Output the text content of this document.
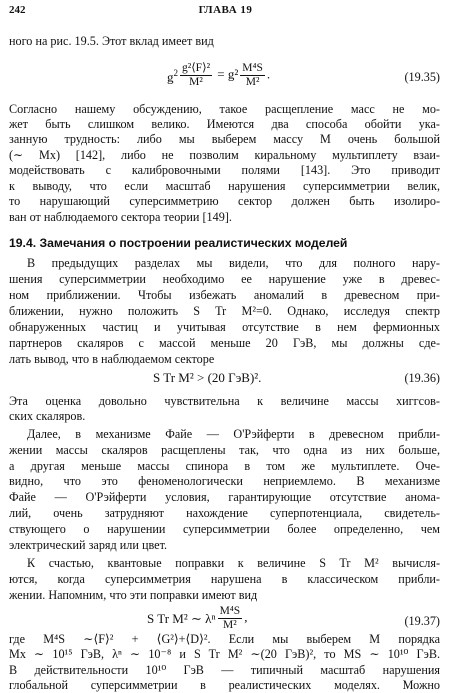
242	ГЛАВА 19
ного на рис. 19.5. Этот вклад имеет вид
$g^2 \frac{\text{g²⟨F⟩²}}{\text{M²}} = g^2 \frac{\text{M⁴S}}{\text{M²}}$ .	(19.35)
Согласно нашему обсуждению, такое расщепление масс не мо-
жет быть слишком велико. Имеются два способа обойти ука-
занную трудность: либо мы выберем массу M очень большой
(∼ Mx) [142], либо не позволим киральному мультиплету взаи-
модействовать с калибровочными полями [143]. Это приводит
к выводу, что если масштаб нарушения суперсимметрии велик,
то нарушающий суперсимметрию сектор должен быть изолиро-
ван от наблюдаемого сектора теории [149].
19.4. Замечания о построении реалистических моделей
В предыдущих разделах мы видели, что для полного нару-
шения суперсимметрии необходимо ее нарушение уже в древес-
ном приближении. Чтобы избежать аномалий в древесном при-
ближении, нужно положить S Tr M²=0. Однако, исследуя спектр
обнаруженных частиц и учитывая отсутствие в нем фермионных
партнеров скаляров с массой меньше 20 ГэВ, мы должны сде-
лать вывод, что в наблюдаемом секторе
S Tr M² > (20 ГэВ)².	(19.36)
Эта оценка довольно чувствительна к величине массы хиггсов-
ских скаляров.
Далее, в механизме Файе — О'Рэйферти в древесном прибли-
жении массы скаляров расщеплены так, что одна из них больше,
а другая меньше массы спинора в том же мультиплете. Оче-
видно, что это феноменологически неприемлемо. В механизме
Файе — О'Рэйферти условия, гарантирующие отсутствие анома-
лий, очень затрудняют нахождение суперпотенциала, свидетель-
ствующего о нарушении суперсимметрии более определенно, чем
электрический заряд или цвет.
К счастью, квантовые поправки к величине S Tr M² вычисля-
ются, когда суперсимметрия нарушена в классическом прибли-
жении. Напомним, что эти поправки имеют вид
S Tr M² ∼ λⁿ $\frac{\text{M⁴S}}{\text{M²}}$ ,	(19.37)
где M⁴S ∼⟨F⟩² + ⟨G²⟩+⟨D⟩². Если мы выберем M порядка
Mx ∼ 10¹⁵ ГэВ, λⁿ ∼ 10⁻⁸ и S Tr M² ∼(20 ГэВ)², то MS ∼ 10¹⁰ ГэВ.
В действительности 10¹⁰ ГэВ — типичный масштаб нарушения
глобальной суперсимметрии в реалистических моделях. Можно
